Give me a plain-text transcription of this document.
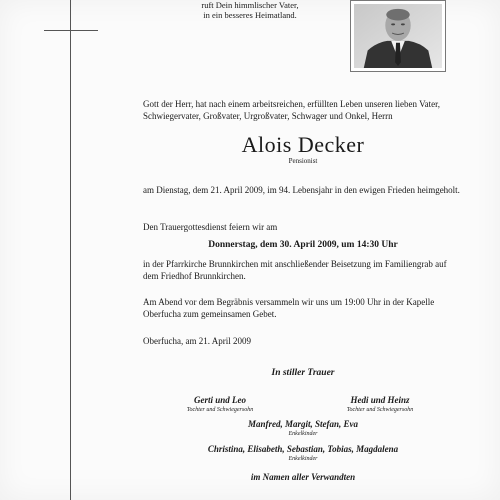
ruft Dein himmlischer Vater,
in ein besseres Heimatland.
Gott der Herr, hat nach einem arbeitsreichen, erfüllten Leben unseren lieben Vater, Schwiegervater, Großvater, Urgroßvater, Schwager und Onkel, Herrn
Alois Decker
Pensionist
am Dienstag, dem 21. April 2009, im 94. Lebensjahr in den ewigen Frieden heimgeholt.
Den Trauergottesdienst feiern wir am
Donnerstag, dem 30. April 2009, um 14:30 Uhr
in der Pfarrkirche Brunnkirchen mit anschließender Beisetzung im Familiengrab auf dem Friedhof Brunnkirchen.
Am Abend vor dem Begräbnis versammeln wir uns um 19:00 Uhr in der Kapelle Oberfucha zum gemeinsamen Gebet.
Oberfucha, am 21. April 2009
In stiller Trauer
Gerti und Leo
Tochter und Schwiegersohn
Hedi und Heinz
Tochter und Schwiegersohn
Manfred, Margit, Stefan, Eva
Enkelkinder
Christina, Elisabeth, Sebastian, Tobias, Magdalena
Enkelkinder
im Namen aller Verwandten
